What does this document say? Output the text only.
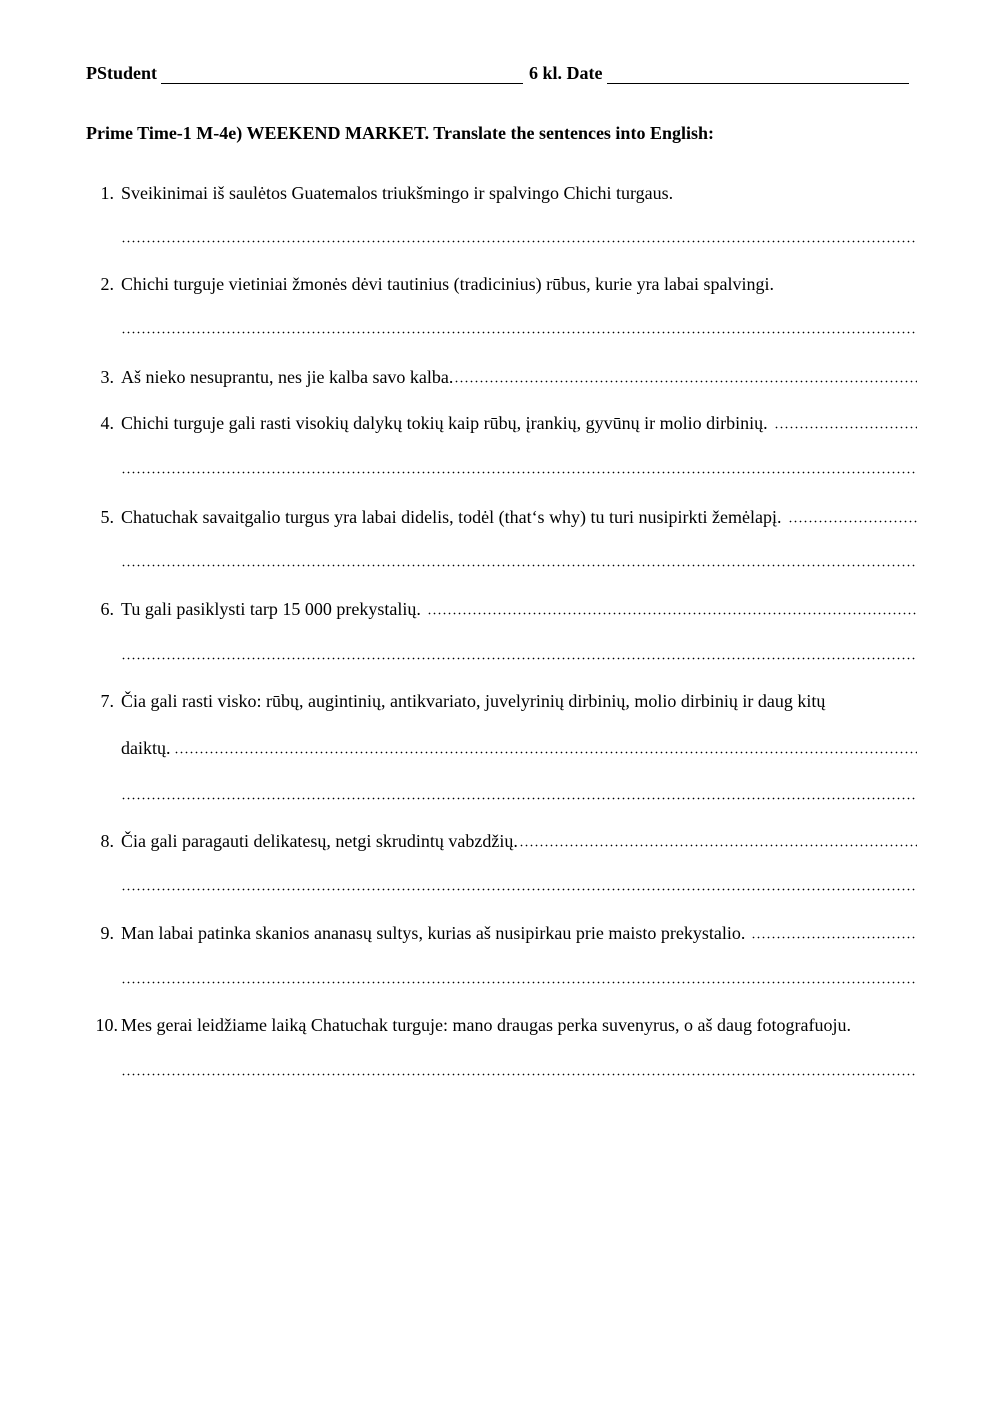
PStudent	6 kl. Date
Prime Time-1 M-4e) WEEKEND MARKET. Translate the sentences into English:
1. Sveikinimai iš saulėtos Guatemalos triukšmingo ir spalvingo Chichi turgaus.
2. Chichi turguje vietiniai žmonės dėvi tautinius (tradicinius) rūbus, kurie yra labai spalvingi.
3. Aš nieko nesuprantu, nes jie kalba savo kalba.
4. Chichi turguje gali rasti visokių dalykų tokių kaip rūbų, įrankių, gyvūnų ir molio dirbinių.
5. Chatuchak savaitgalio turgus yra labai didelis, todėl (that‘s why) tu turi nusipirkti žemėlapį.
6. Tu gali pasiklysti tarp 15 000 prekystalių.
7. Čia gali rasti visko: rūbų, augintinių, antikvariato, juvelyrinių dirbinių, molio dirbinių ir daug kitų
daiktų.
8. Čia gali paragauti delikatesų, netgi skrudintų vabzdžių.
9. Man labai patinka skanios ananasų sultys, kurias aš nusipirkau prie maisto prekystalio.
10. Mes gerai leidžiame laiką Chatuchak turguje: mano draugas perka suvenyrus, o aš daug fotografuoju.
